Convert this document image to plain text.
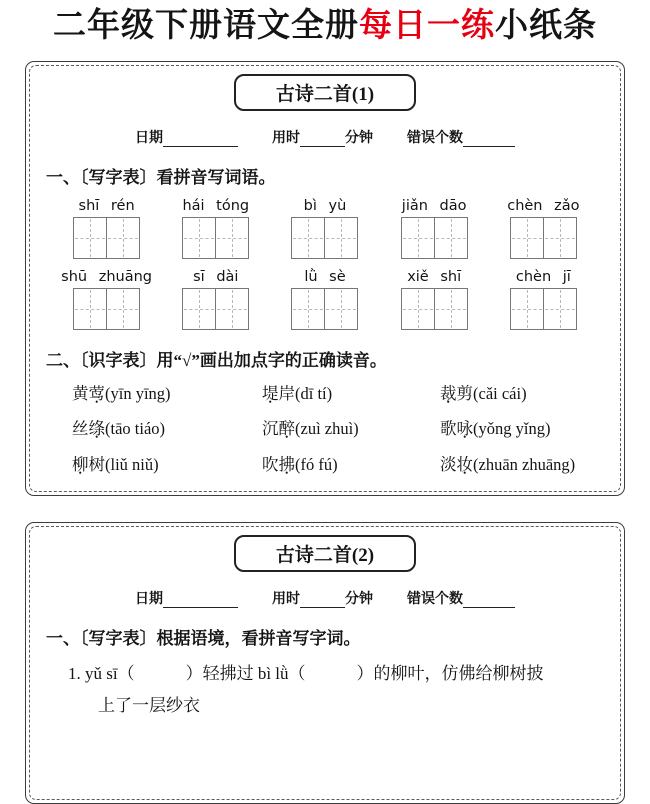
二年级下册语文全册每日一练小纸条
古诗二首(1)
日期	用时	分钟 错误个数
一、〔写字表〕看拼音写词语。
shī rén	hái tóng	bì yù	jiǎn dāo	chèn zǎo
shū zhuāng	sī dài	lǜ sè	xiě shī	chèn jī
二、〔识字表〕用“√”画出加点字的正确读音。
黄莺(yīn yīng)	堤岸(dī tí)	裁剪(cǎi cái)
丝绦(tāo tiáo)	沉醉(zuì zhuì)	歌咏(yǒng yǐng)
柳树(liǔ niǔ)	吹拂(fó fú)	淡妆(zhuān zhuāng)
古诗二首(2)
日期	用时	分钟 错误个数
一、〔写字表〕根据语境，看拼音写字词。
1. yǔ sī（　　　）轻拂过 bì lǜ（　　　）的柳叶，仿佛给柳树披
上了一层纱衣
